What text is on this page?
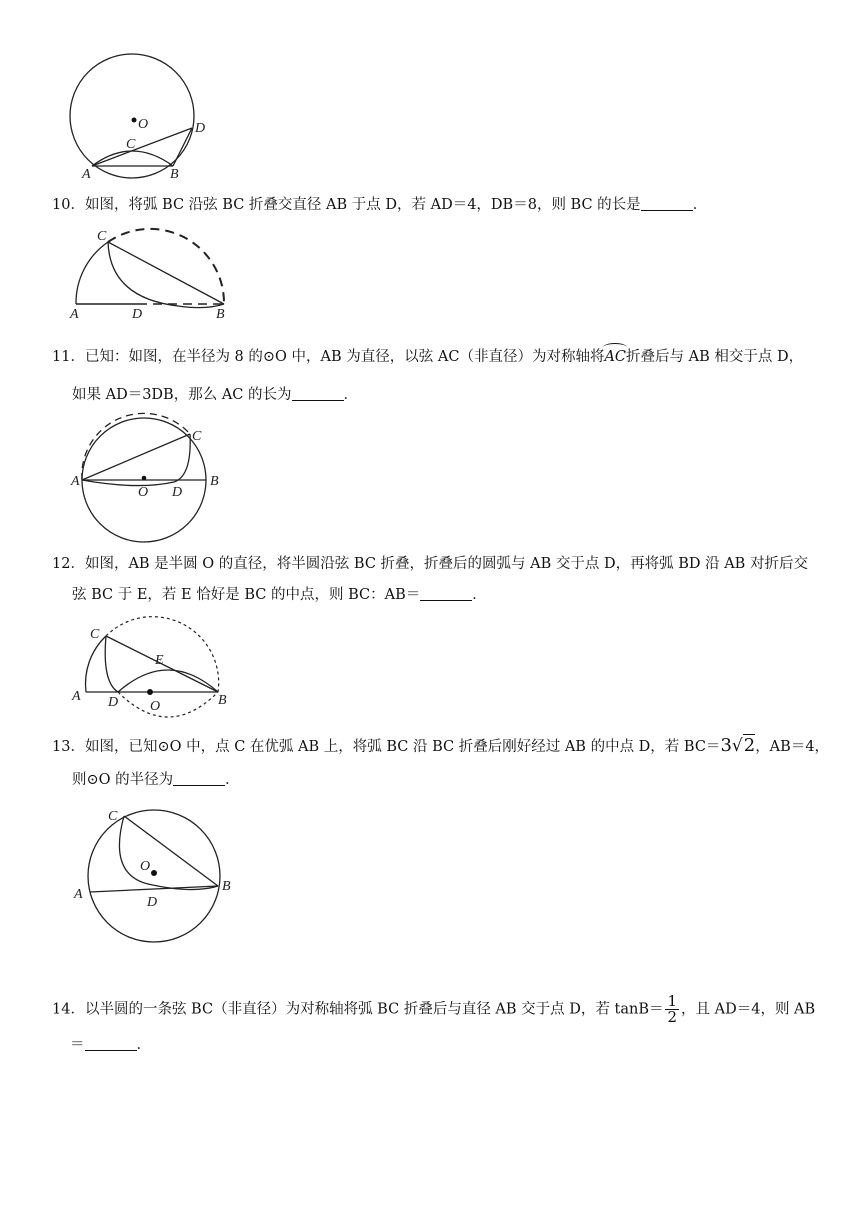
O
C
D
A	B
10．如图，将弧 BC 沿弦 BC 折叠交直径 AB 于点 D，若 AD＝4，DB＝8，则 BC 的长是	．
C
A	D	B
11．已知：如图，在半径为 8 的⊙O 中，AB 为直径，以弦 AC（非直径）为对称轴将AC
折叠后与 AB 相交于点 D，
如果 AD＝3DB，那么 AC 的长为	．
C
A
O D
B
12．如图，AB 是半圆 O 的直径，将半圆沿弦 BC 折叠，折叠后的圆弧与 AB 交于点 D，再将弧 BD 沿 AB 对折后交
弦 BC 于 E，若 E 恰好是 BC 的中点，则 BC：AB＝	．
C
E
A D O	B
13．如图，已知⊙O 中，点 C 在优弧 AB 上，将弧 BC 沿 BC 折叠后刚好经过 AB 的中点 D，若 BC＝3√2，AB＝4，
则⊙O 的半径为	．
C
O
A
D
B
14．以半圆的一条弦 BC（非直径）为对称轴将弧 BC 折叠后与直径 AB 交于点 D，若 $\tan B= \frac{1}{2}$ ，且 AD＝4，则 AB
＝	．
